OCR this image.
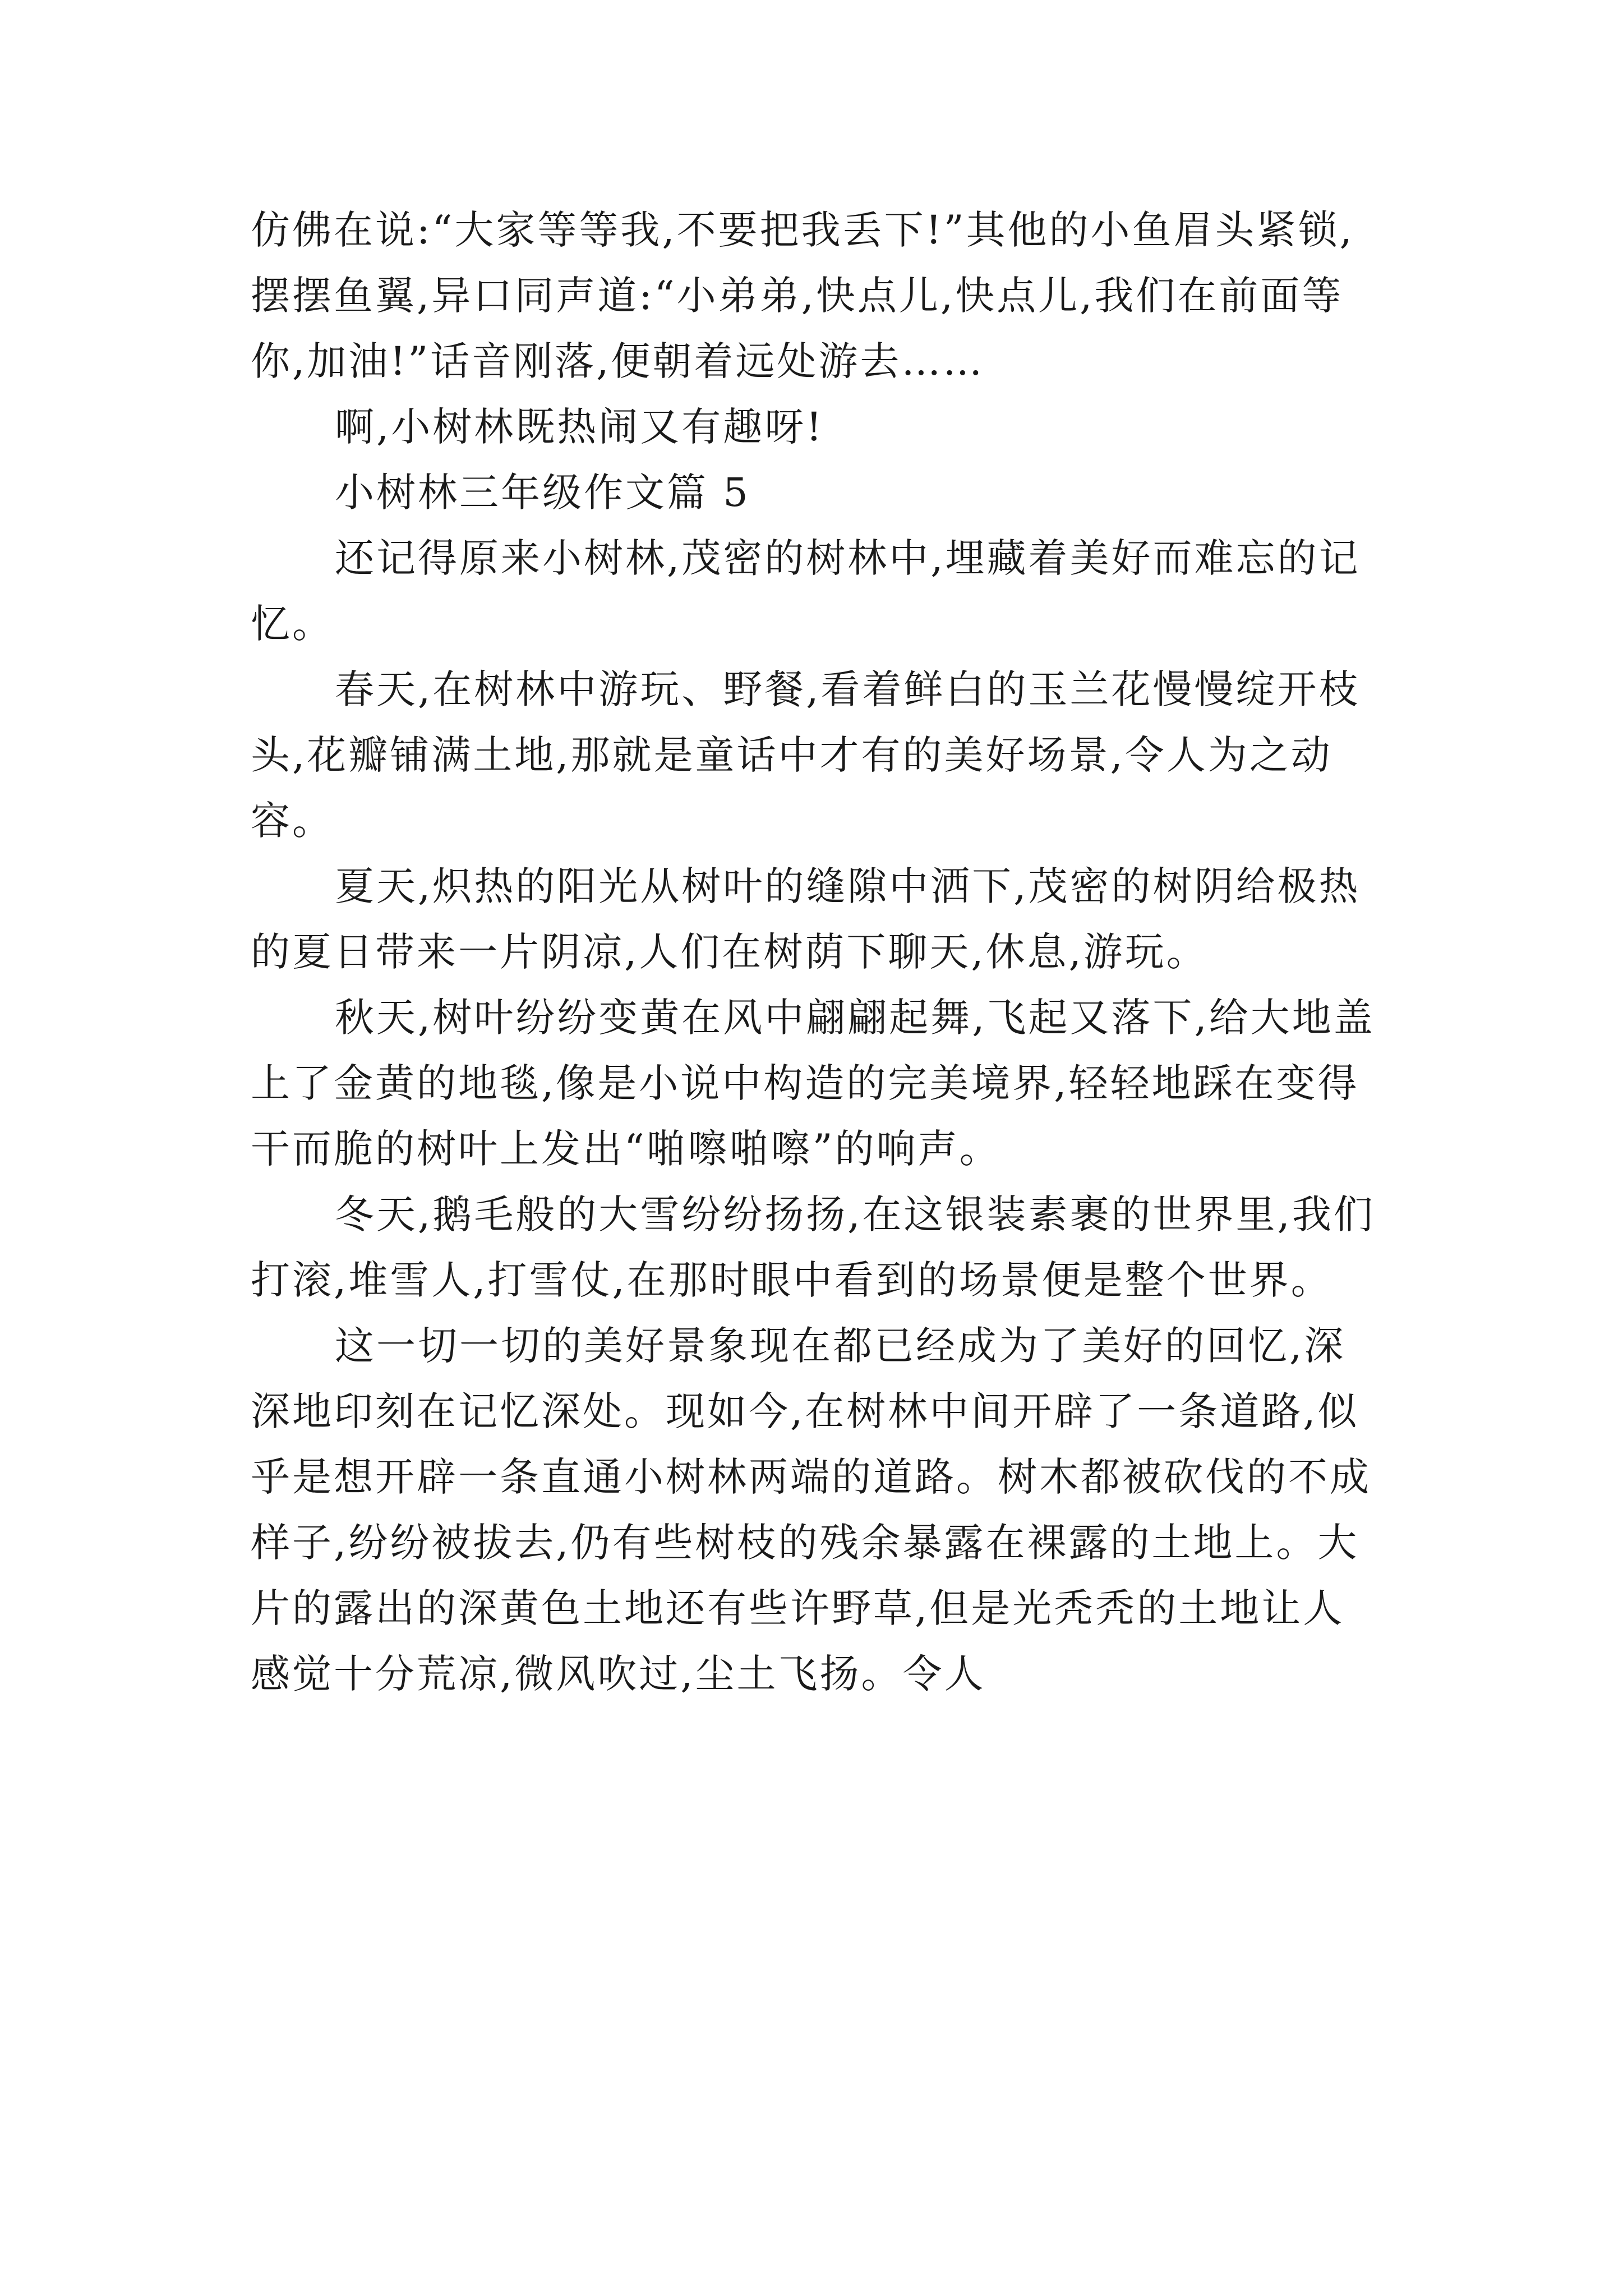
仿佛在说:“大家等等我,不要把我丢下!”其他的小鱼眉头紧锁,摆摆鱼翼,异口同声道:“小弟弟,快点儿,快点儿,我们在前面等你,加油!”话音刚落,便朝着远处游去……

啊,小树林既热闹又有趣呀!

小树林三年级作文篇 5

还记得原来小树林,茂密的树林中,埋藏着美好而难忘的记忆。

春天,在树林中游玩、野餐,看着鲜白的玉兰花慢慢绽开枝头,花瓣铺满土地,那就是童话中才有的美好场景,令人为之动容。

夏天,炽热的阳光从树叶的缝隙中洒下,茂密的树阴给极热的夏日带来一片阴凉,人们在树荫下聊天,休息,游玩。

秋天,树叶纷纷变黄在风中翩翩起舞,飞起又落下,给大地盖上了金黄的地毯,像是小说中构造的完美境界,轻轻地踩在变得干而脆的树叶上发出“啪嚓啪嚓”的响声。

冬天,鹅毛般的大雪纷纷扬扬,在这银装素裹的世界里,我们打滚,堆雪人,打雪仗,在那时眼中看到的场景便是整个世界。

这一切一切的美好景象现在都已经成为了美好的回忆,深深地印刻在记忆深处。现如今,在树林中间开辟了一条道路,似乎是想开辟一条直通小树林两端的道路。树木都被砍伐的不成样子,纷纷被拔去,仍有些树枝的残余暴露在裸露的土地上。大片的露出的深黄色土地还有些许野草,但是光秃秃的土地让人感觉十分荒凉,微风吹过,尘土飞扬。令人
